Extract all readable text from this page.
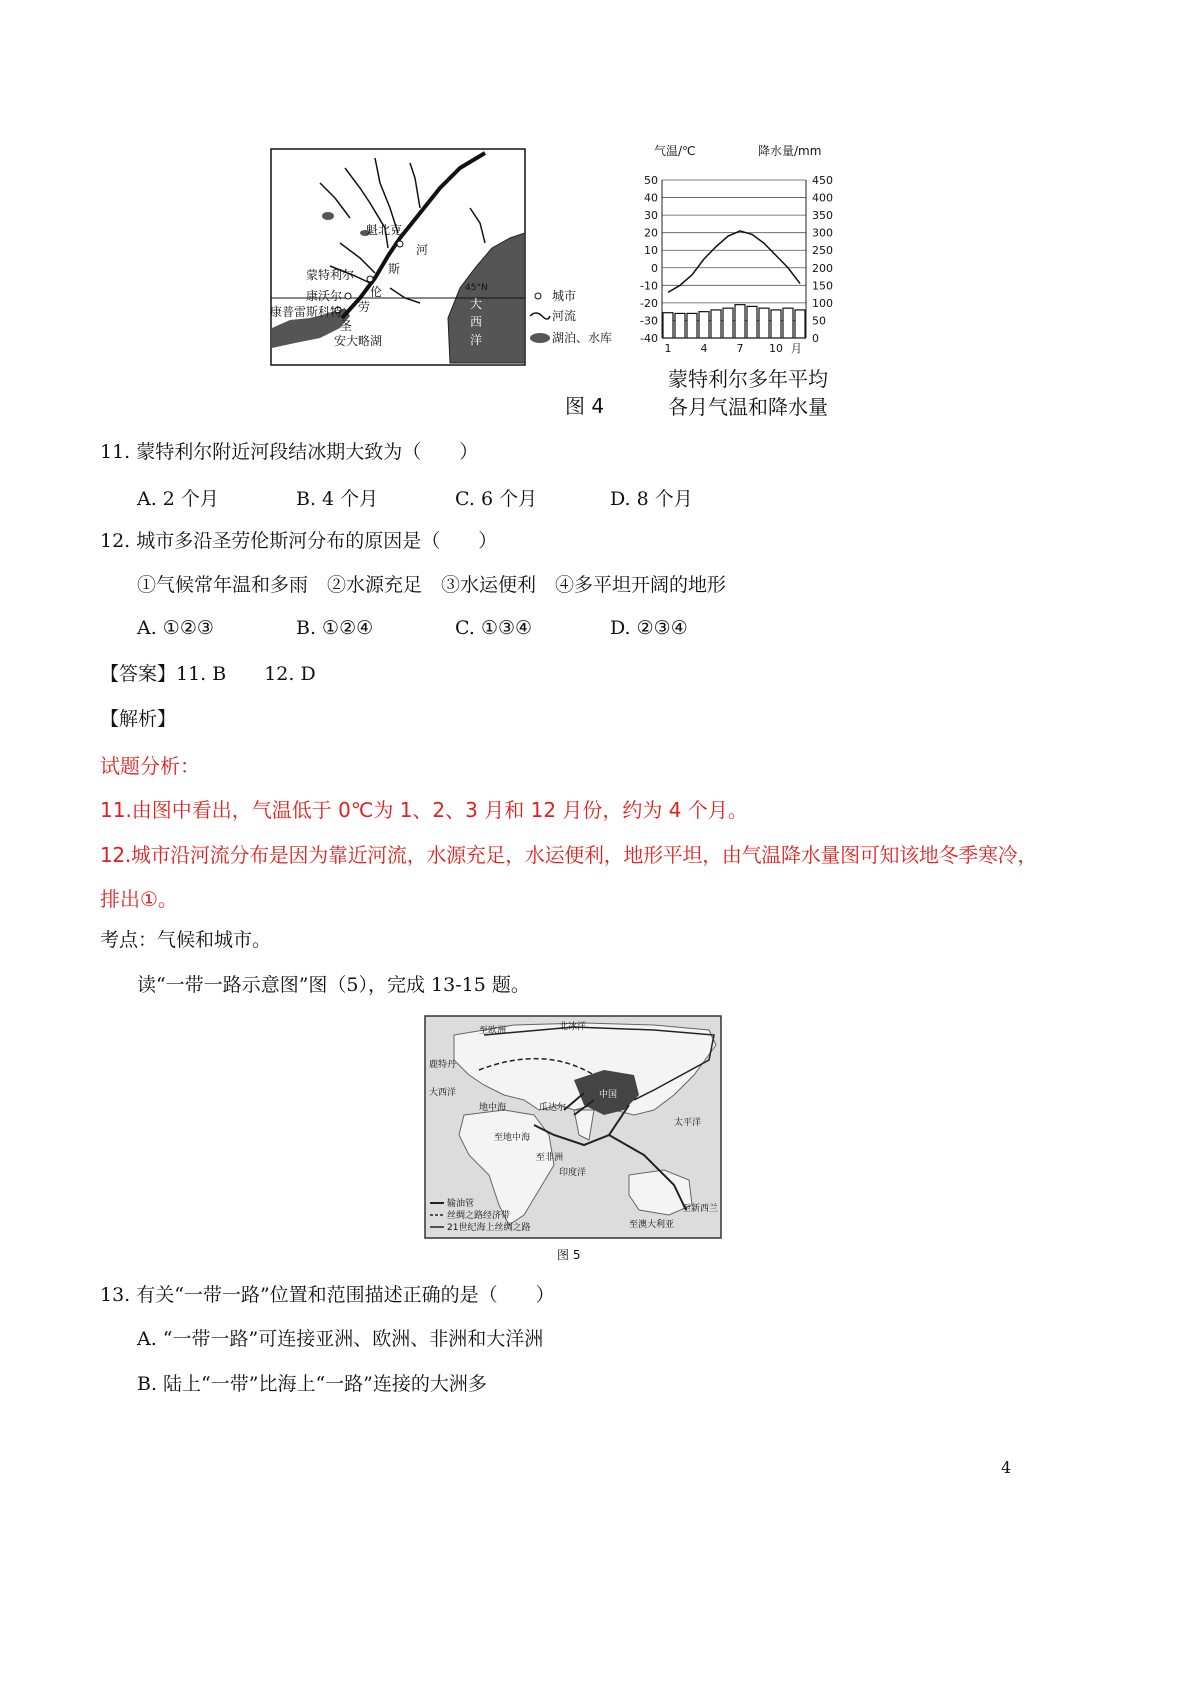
魁北克
河
斯
伦
劳
蒙特利尔
康沃尔
康普雷斯科特
圣
安大略湖
45°N
大
西
洋
城市
河流
湖泊、水库
图 4
气温/℃	降水量/mm
50
40
30
20
10
0
-10
-20
-30
-40
450
400
350
300
250
200
150
100
50
0
1	4	7 10 月
蒙特利尔多年平均
各月气温和降水量
11. 蒙特利尔附近河段结冰期大致为（　　）
A. 2 个月	B. 4 个月	C. 6 个月	D. 8 个月
12. 城市多沿圣劳伦斯河分布的原因是（　　）
①气候常年温和多雨　②水源充足　③水运便利　④多平坦开阔的地形
A. ①②③	B. ①②④	C. ①③④	D. ②③④
【答案】11. B　　12. D
【解析】
试题分析：
11.由图中看出，气温低于 0℃为 1、2、3 月和 12 月份，约为 4 个月。
12.城市沿河流分布是因为靠近河流，水源充足，水运便利，地形平坦，由气温降水量图可知该地冬季寒冷，
排出①。
考点：气候和城市。
读“一带一路示意图”图（5），完成 13-15 题。
至欧洲	北冰洋
鹿特丹
大西洋
地中海	瓜达尔
至地中海
至非洲
印度洋
太平洋
至新西兰
至澳大利亚
中国
输油管
丝绸之路经济带
21世纪海上丝绸之路
图 5
13. 有关“一带一路”位置和范围描述正确的是（　　）
A. “一带一路”可连接亚洲、欧洲、非洲和大洋洲
B. 陆上“一带”比海上“一路”连接的大洲多
4
